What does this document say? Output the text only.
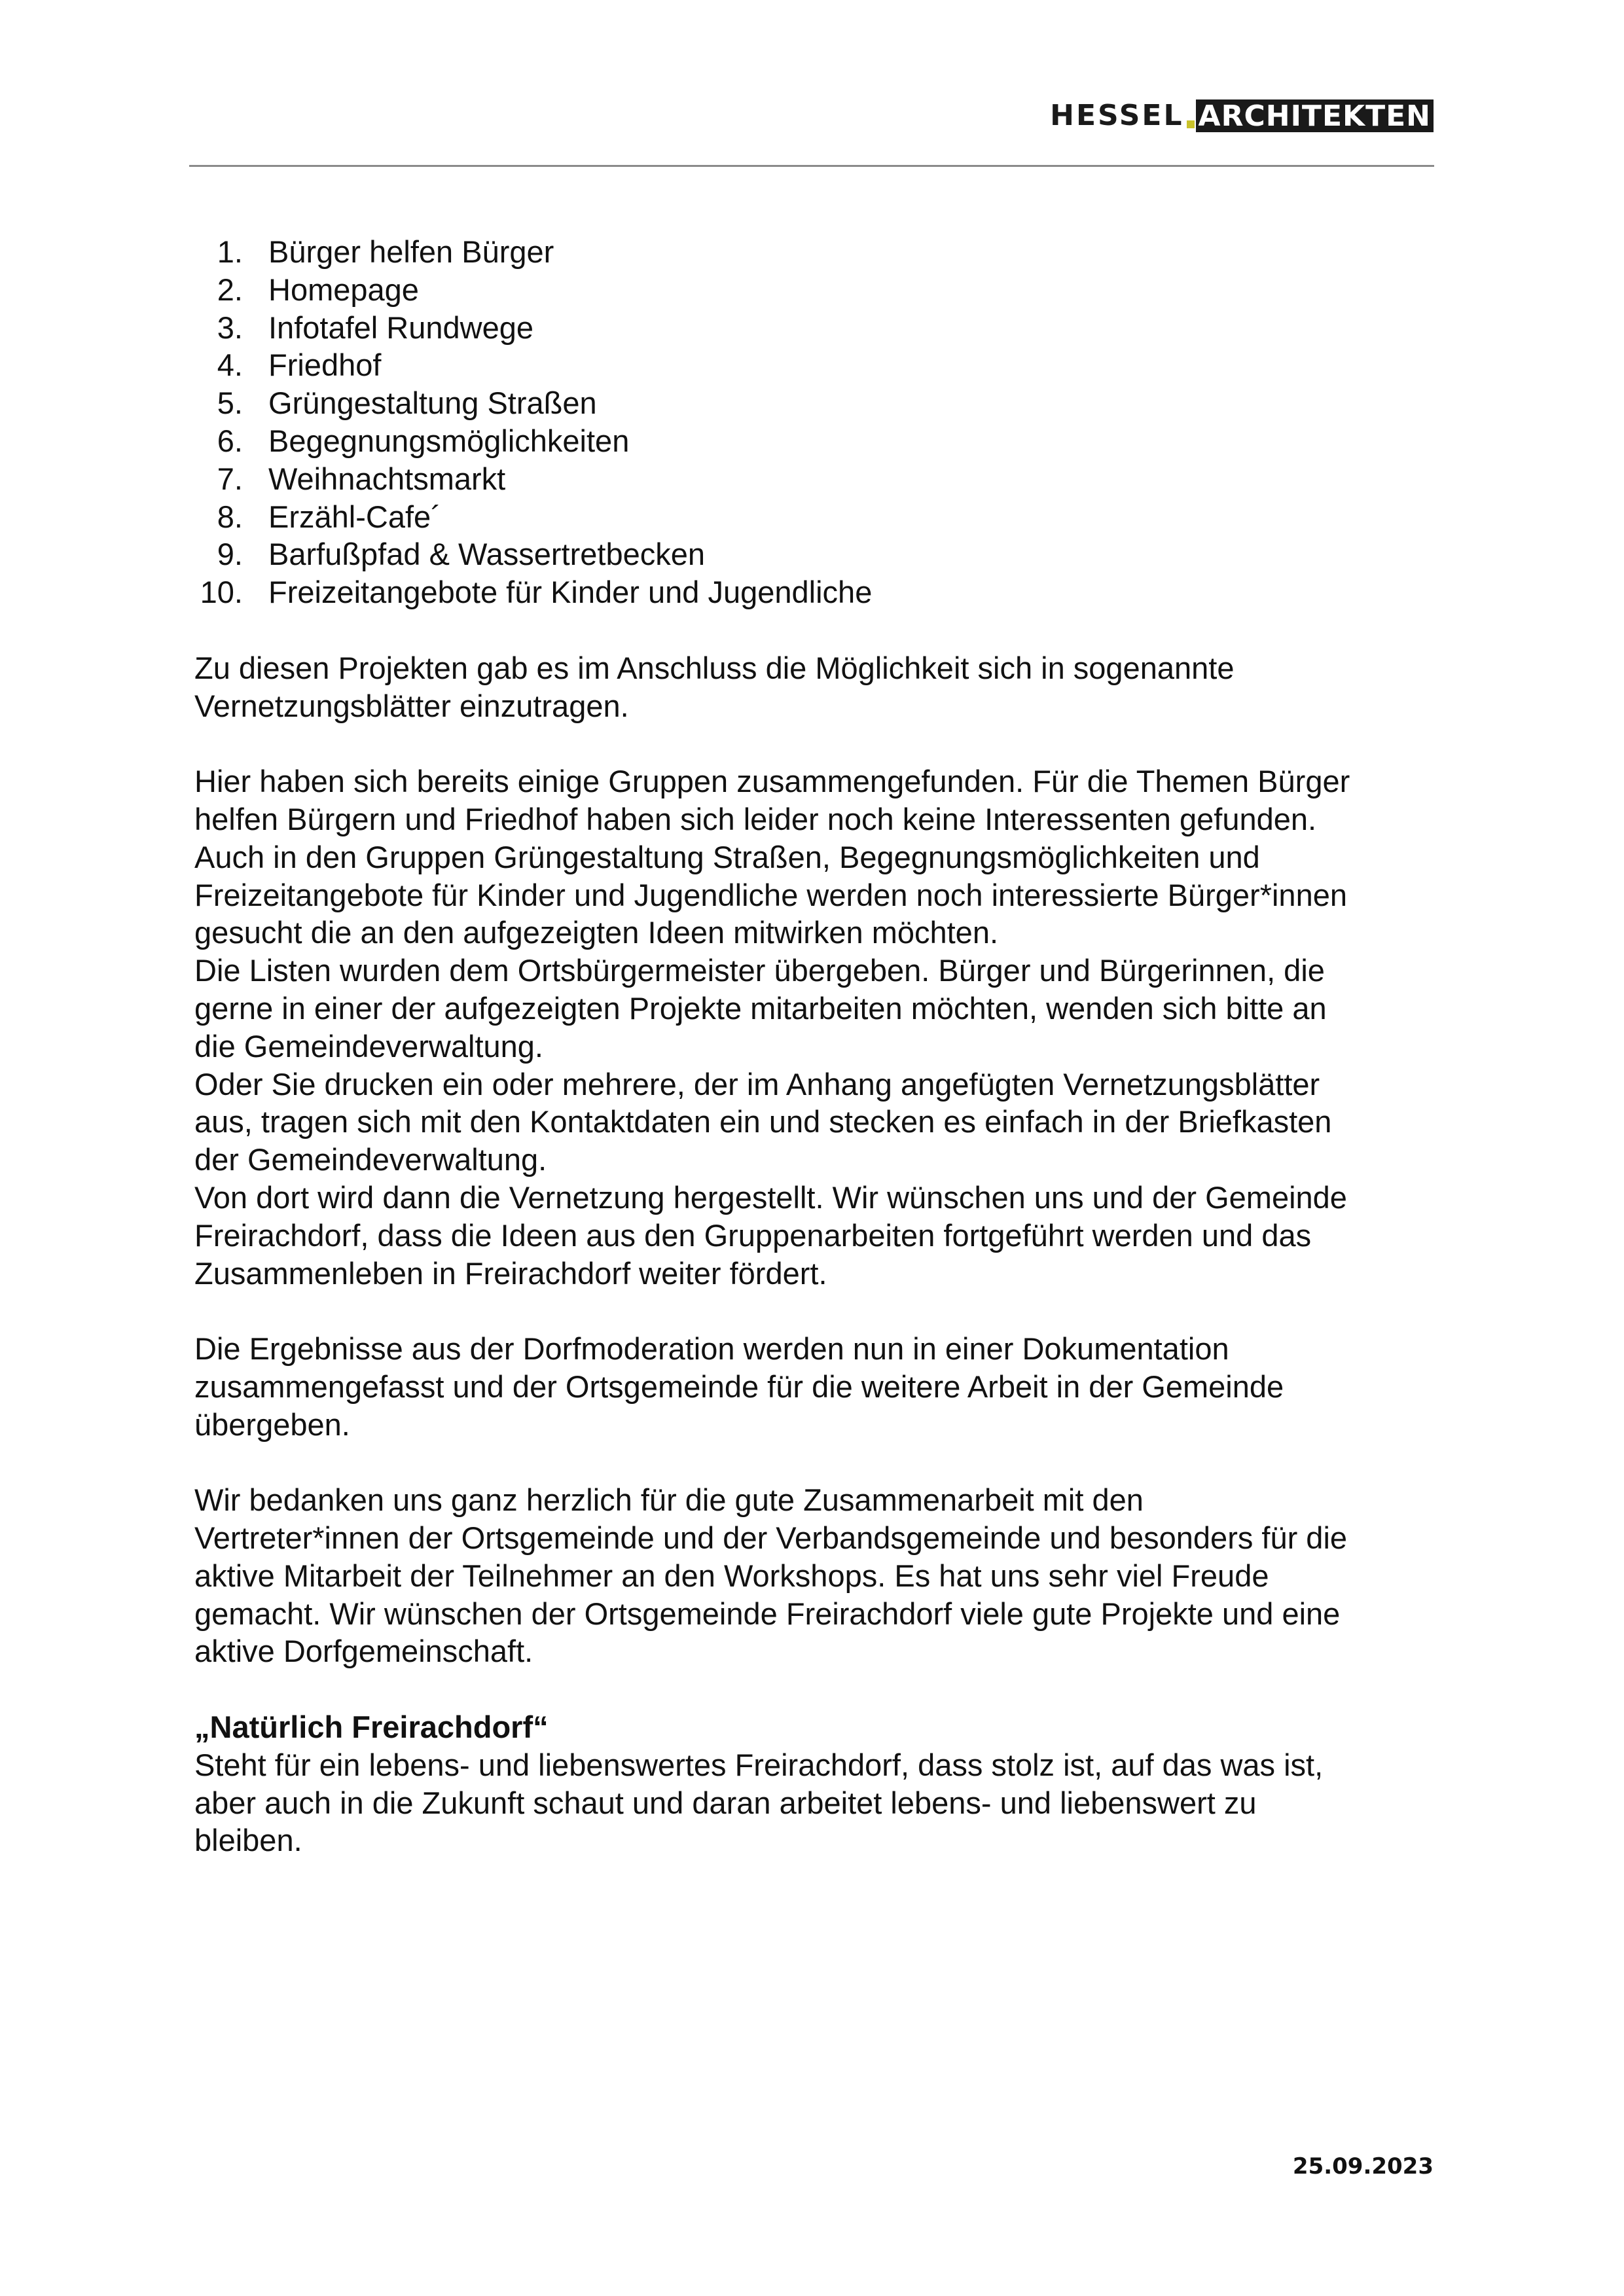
HESSEL ARCHITEKTEN
1. Bürger helfen Bürger
2. Homepage
3. Infotafel Rundwege
4. Friedhof
5. Grüngestaltung Straßen
6. Begegnungsmöglichkeiten
7. Weihnachtsmarkt
8. Erzähl-Cafe´
9. Barfußpfad & Wassertretbecken
10. Freizeitangebote für Kinder und Jugendliche
Zu diesen Projekten gab es im Anschluss die Möglichkeit sich in sogenannte
Vernetzungsblätter einzutragen.
Hier haben sich bereits einige Gruppen zusammengefunden. Für die Themen Bürger
helfen Bürgern und Friedhof haben sich leider noch keine Interessenten gefunden.
Auch in den Gruppen Grüngestaltung Straßen, Begegnungsmöglichkeiten und
Freizeitangebote für Kinder und Jugendliche werden noch interessierte Bürger*innen
gesucht die an den aufgezeigten Ideen mitwirken möchten.
Die Listen wurden dem Ortsbürgermeister übergeben. Bürger und Bürgerinnen, die
gerne in einer der aufgezeigten Projekte mitarbeiten möchten, wenden sich bitte an
die Gemeindeverwaltung.
Oder Sie drucken ein oder mehrere, der im Anhang angefügten Vernetzungsblätter
aus, tragen sich mit den Kontaktdaten ein und stecken es einfach in der Briefkasten
der Gemeindeverwaltung.
Von dort wird dann die Vernetzung hergestellt. Wir wünschen uns und der Gemeinde
Freirachdorf, dass die Ideen aus den Gruppenarbeiten fortgeführt werden und das
Zusammenleben in Freirachdorf weiter fördert.
Die Ergebnisse aus der Dorfmoderation werden nun in einer Dokumentation
zusammengefasst und der Ortsgemeinde für die weitere Arbeit in der Gemeinde
übergeben.
Wir bedanken uns ganz herzlich für die gute Zusammenarbeit mit den
Vertreter*innen der Ortsgemeinde und der Verbandsgemeinde und besonders für die
aktive Mitarbeit der Teilnehmer an den Workshops. Es hat uns sehr viel Freude
gemacht. Wir wünschen der Ortsgemeinde Freirachdorf viele gute Projekte und eine
aktive Dorfgemeinschaft.
„Natürlich Freirachdorf“
Steht für ein lebens- und liebenswertes Freirachdorf, dass stolz ist, auf das was ist,
aber auch in die Zukunft schaut und daran arbeitet lebens- und liebenswert zu
bleiben.
25.09.2023
